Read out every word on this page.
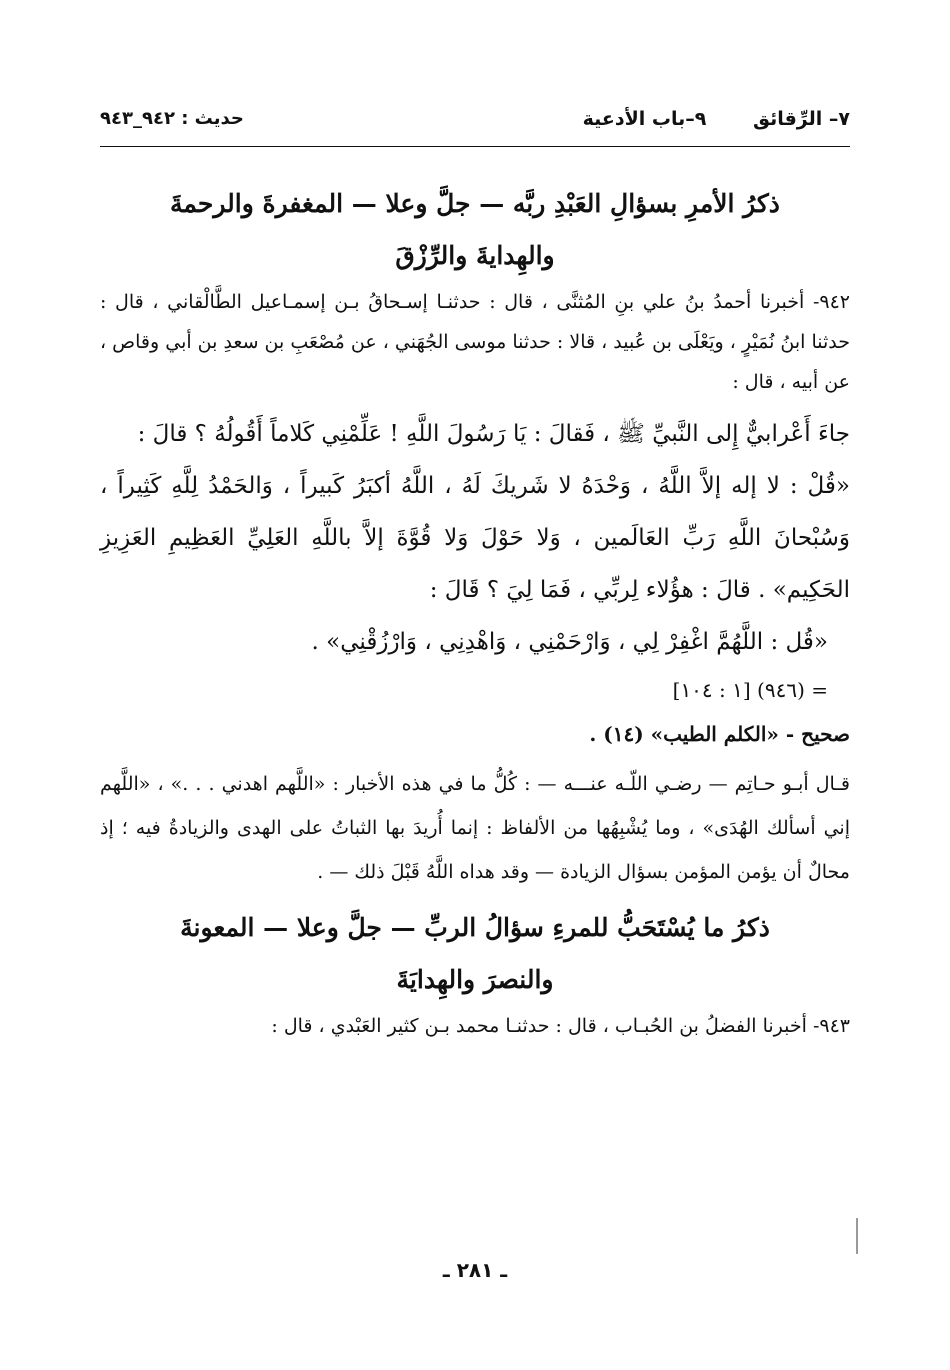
٧– الرِّقائق ٩–باب الأدعية
حديث : ٩٤٢_٩٤٣
ذكرُ الأمرِ بسؤالِ العَبْدِ ربَّه — جلَّ وعلا — المغفرةَ والرحمةَ
والهِدايةَ والرِّزْقَ

٩٤٢- أخبرنا أحمدُ بنُ علي بنِ المُثنَّى ، قال : حدثنـا إسـحاقُ بـن إسمـاعيل الطَّالْقاني ، قال : حدثنا ابنُ نُمَيْرٍ ، ويَعْلَى بن عُبيد ، قالا : حدثنا موسى الجُهَني ، عن مُصْعَبِ بن سعدِ بن أبي وقاص ، عن أبيه ، قال :

جاءَ أَعْرابيٌّ إِلى النَّبيِّ ﷺ ، فَقالَ : يَا رَسُولَ اللَّهِ ! عَلِّمْنِي كَلاماً أَقُولُهُ ؟ قالَ :

«قُلْ : لا إله إلاَّ اللَّهُ ، وَحْدَهُ لا شَريكَ لَهُ ، اللَّهُ أكبَرُ كَبيراً ، وَالحَمْدُ لِلَّهِ كَثِيراً ، وَسُبْحانَ اللَّهِ رَبِّ العَالَمين ، وَلا حَوْلَ وَلا قُوَّةَ إلاَّ باللَّهِ العَلِيِّ العَظِيمِ العَزِيزِ الحَكِيم» . قالَ : هؤُلاء لِربِّي ، فَمَا لِيَ ؟ قَالَ :

«قُل : اللَّهُمَّ اغْفِرْ لِي ، وَارْحَمْنِي ، وَاهْدِنِي ، وَارْزُقْنِي» .

= (٩٤٦) [١ : ١٠٤]

صحيح - «الكلم الطيب» (١٤) .

قـال أبـو حـاتِم — رضـي اللّـه عنـــه — : كُلُّ ما في هذه الأخبار : «اللَّهم اهدني . . .» ، «اللَّهم إني أسألك الهُدَى» ، وما يُشْبِهُها من الألفاظ : إنما أُريدَ بها الثباتُ على الهدى والزيادةُ فيه ؛ إذ محالٌ أن يؤمن المؤمن بسؤال الزيادة — وقد هداه اللَّهُ قَبْلَ ذلك — .

ذكرُ ما يُسْتَحَبُّ للمرءِ سؤالُ الربِّ — جلَّ وعلا — المعونةَ
والنصرَ والهِدايَةَ

٩٤٣- أخبرنا الفضلُ بن الحُبـاب ، قال : حدثنـا محمد بـن كثير العَبْدي ، قال :

ـ ٢٨١ ـ
